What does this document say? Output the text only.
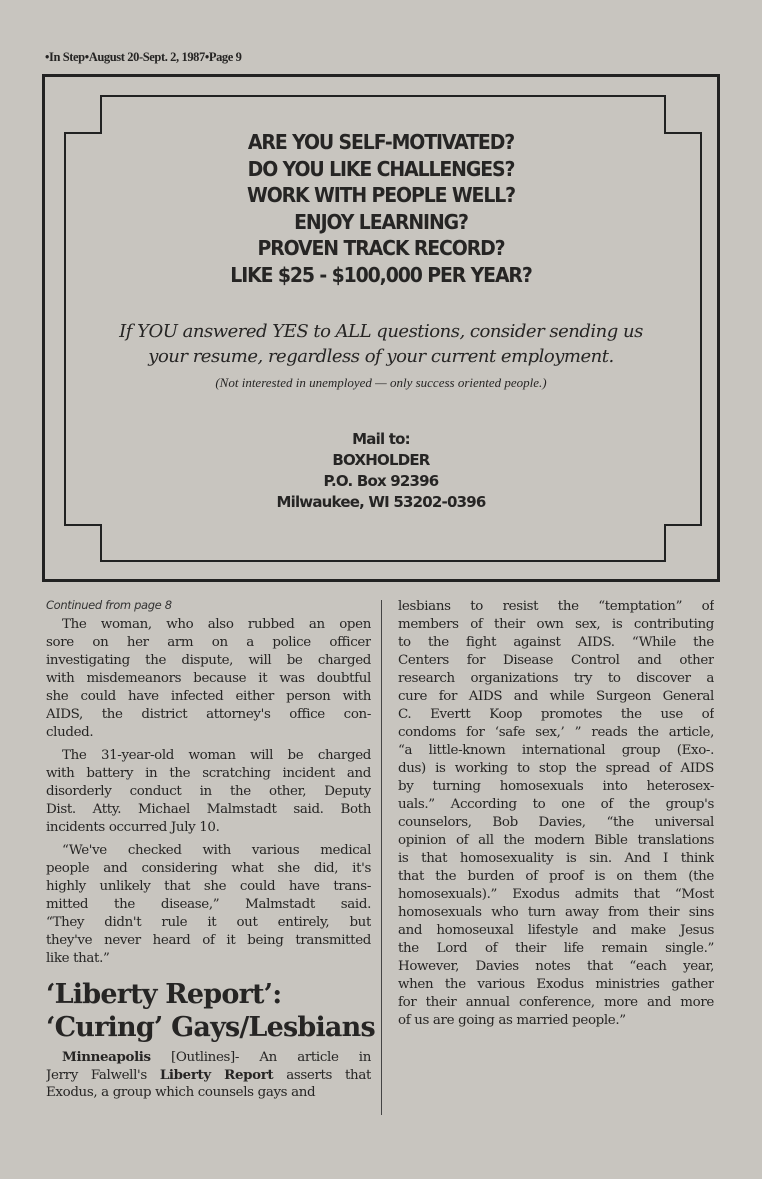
•In Step•August 20-Sept. 2, 1987•Page 9
ARE YOU SELF-MOTIVATED?
DO YOU LIKE CHALLENGES?
WORK WITH PEOPLE WELL?
ENJOY LEARNING?
PROVEN TRACK RECORD?
LIKE $25 - $100,000 PER YEAR?
If YOU answered YES to ALL questions, consider sending us
your resume, regardless of your current employment.
(Not interested in unemployed — only success oriented people.)
Mail to:
BOXHOLDER
P.O. Box 92396
Milwaukee, WI 53202-0396
Continued from page 8
The woman, who also rubbed an open
sore on her arm on a police officer
investigating the dispute, will be charged
with misdemeanors because it was doubtful
she could have infected either person with
AIDS, the district attorney's office con-
cluded.
The 31-year-old woman will be charged
with battery in the scratching incident and
disorderly conduct in the other, Deputy
Dist. Atty. Michael Malmstadt said. Both
incidents occurred July 10.
“We've checked with various medical
people and considering what she did, it's
highly unlikely that she could have trans-
mitted the disease,” Malmstadt said.
“They didn't rule it out entirely, but
they've never heard of it being transmitted
like that.”
‘Liberty Report’:
‘Curing’ Gays/Lesbians
Minneapolis [Outlines]- An article in
Jerry Falwell's Liberty Report asserts that
Exodus, a group which counsels gays and
lesbians to resist the “temptation” of
members of their own sex, is contributing
to the fight against AIDS. “While the
Centers for Disease Control and other
research organizations try to discover a
cure for AIDS and while Surgeon General
C. Evertt Koop promotes the use of
condoms for ‘safe sex,’ ” reads the article,
“a little-known international group (Exo-.
dus) is working to stop the spread of AIDS
by turning homosexuals into heterosex-
uals.” According to one of the group's
counselors, Bob Davies, “the universal
opinion of all the modern Bible translations
is that homosexuality is sin. And I think
that the burden of proof is on them (the
homosexuals).” Exodus admits that “Most
homosexuals who turn away from their sins
and homoseuxal lifestyle and make Jesus
the Lord of their life remain single.”
However, Davies notes that “each year,
when the various Exodus ministries gather
for their annual conference, more and more
of us are going as married people.”
